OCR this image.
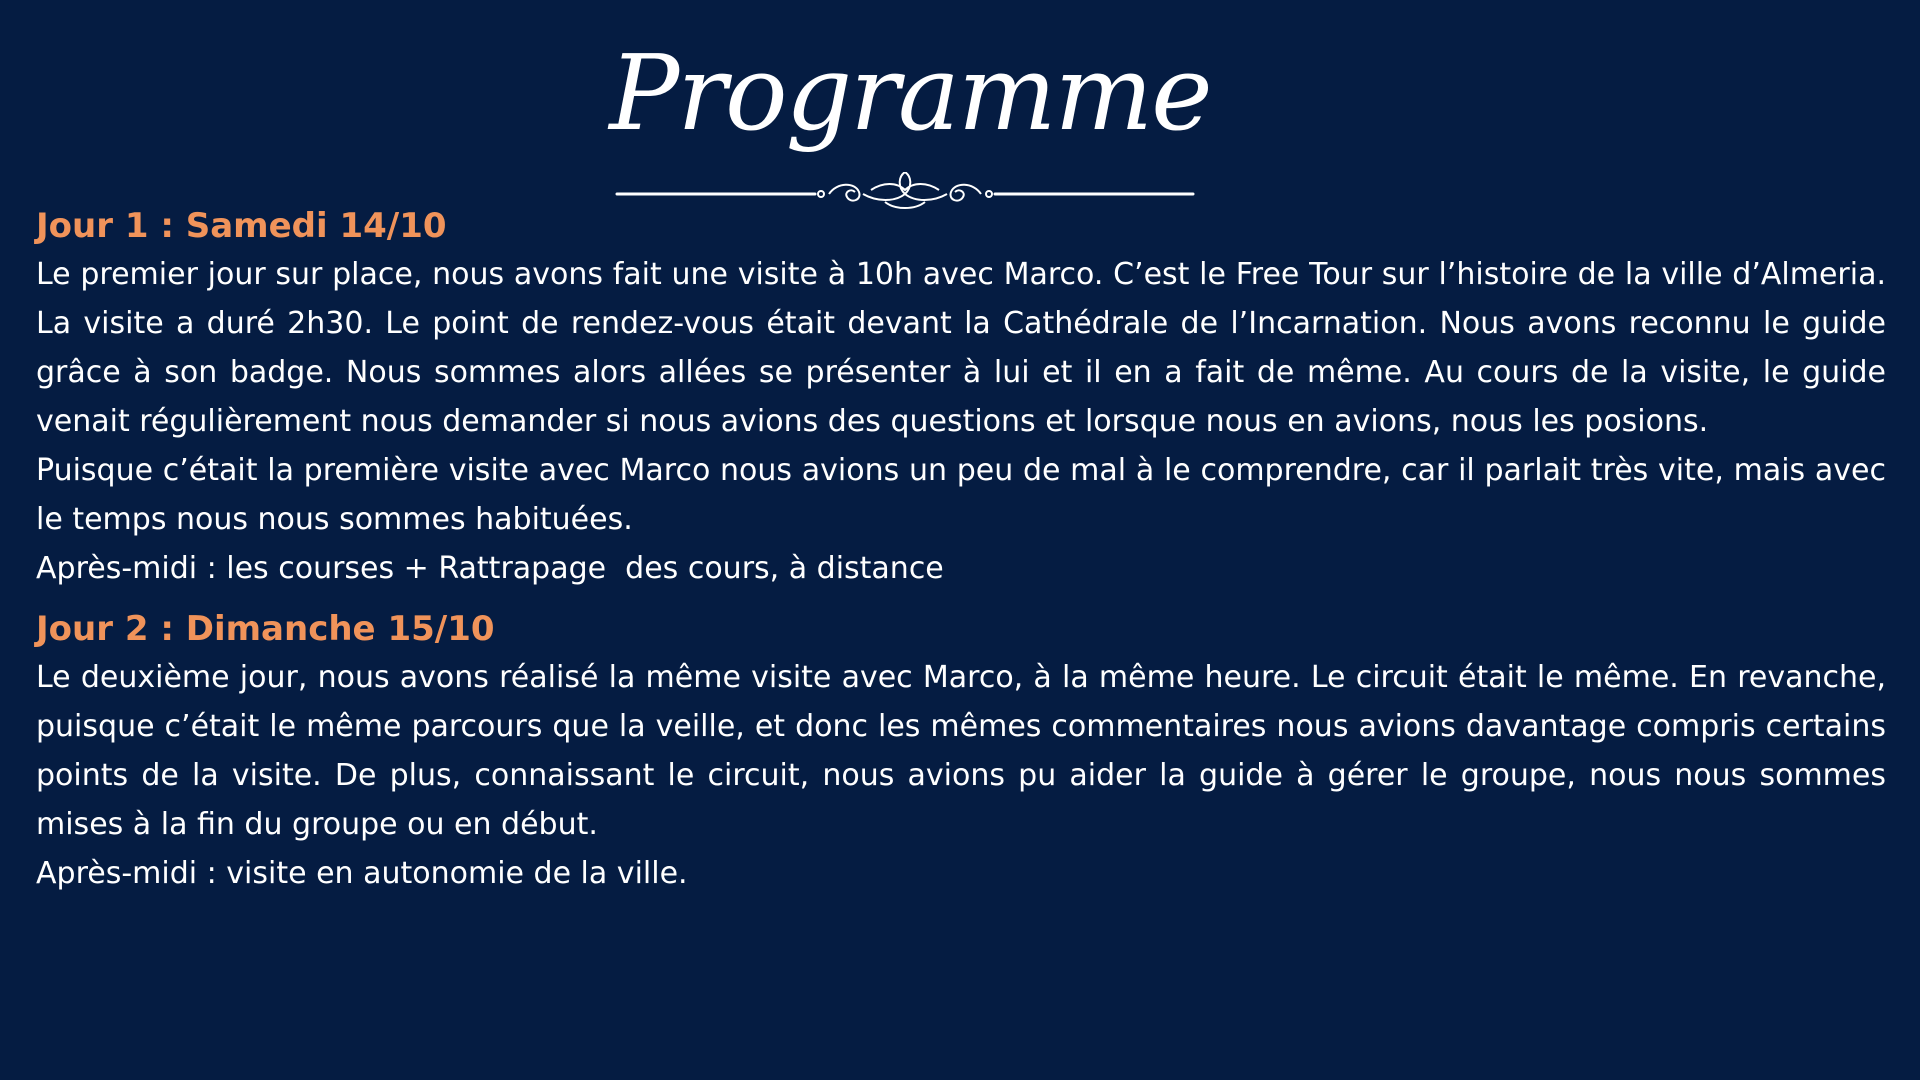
Programme
Jour 1 : Samedi 14/10

Le premier jour sur place, nous avons fait une visite à 10h avec Marco. C’est le Free Tour sur l’histoire de la ville d’Almeria. La visite a duré 2h30. Le point de rendez-vous était devant la Cathédrale de l’Incarnation. Nous avons reconnu le guide grâce à son badge. Nous sommes alors allées se présenter à lui et il en a fait de même. Au cours de la visite, le guide venait régulièrement nous demander si nous avions des questions et lorsque nous en avions, nous les posions.

Puisque c’était la première visite avec Marco nous avions un peu de mal à le comprendre, car il parlait très vite, mais avec le temps nous nous sommes habituées.

Après-midi : les courses + Rattrapage  des cours, à distance

Jour 2 : Dimanche 15/10

Le deuxième jour, nous avons réalisé la même visite avec Marco, à la même heure. Le circuit était le même. En revanche, puisque c’était le même parcours que la veille, et donc les mêmes commentaires nous avions davantage compris certains points de la visite. De plus, connaissant le circuit, nous avions pu aider la guide à gérer le groupe, nous nous sommes mises à la fin du groupe ou en début.

Après-midi : visite en autonomie de la ville.
